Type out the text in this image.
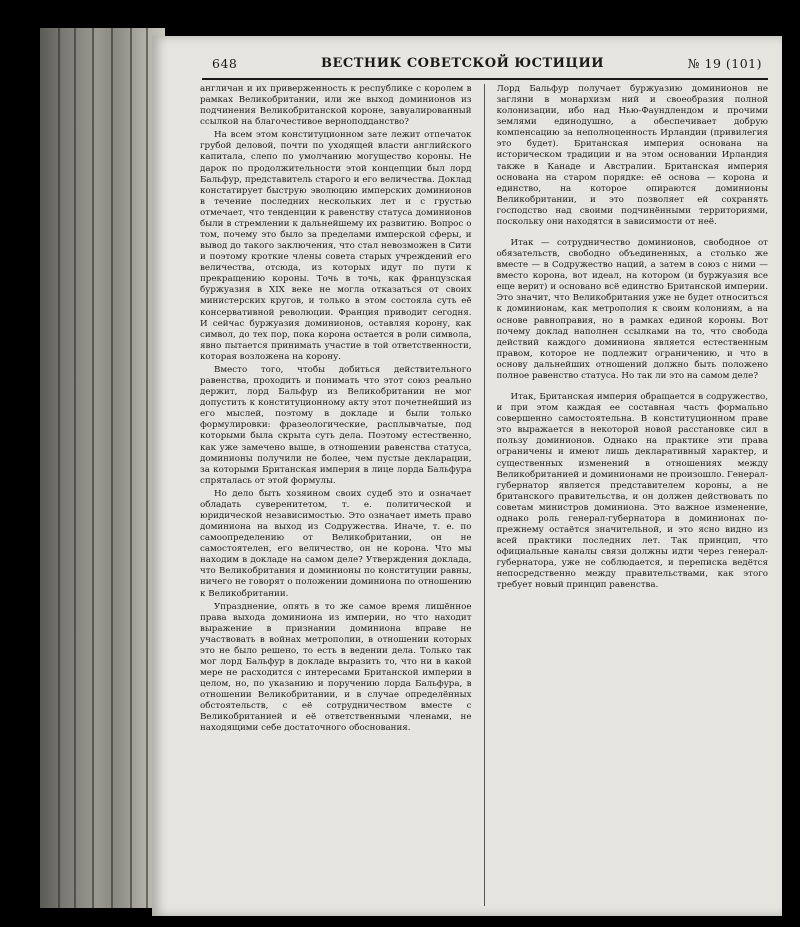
648	ВЕСТНИК СОВЕТСКОЙ ЮСТИЦИИ	№ 19 (101)

англичан и их приверженность к республике с королем в рамках Великобритании, или же выход доминионов из подчинения Великобританской короне, завуалированный ссылкой на благочестивое верноподданство?

На всем этом конституционном зате лежит отпечаток грубой деловой, почти по уходящей власти английского капитала, слепо по умолчанию могущество короны. Не дарок по продолжительности этой концепции был лорд Бальфур, представитель старого и его величества. Доклад констатирует быструю эволюцию имперских доминионов в течение последних нескольких лет и с грустью отмечает, что тенденции к равенству статуса доминионов были в стремлении к дальнейшему их развитию. Вопрос о том, почему это было за пределами имперской сферы, и вывод до такого заключения, что стал невозможен в Сити и поэтому кроткие члены совета старых учреждений его величества, отсюда, из которых идут по пути к прекращению короны. Точь в точь, как французская буржуазия в XIX веке не могла отказаться от своих министерских кругов, и только в этом состояла суть её консервативной революции. Франция приводит сегодня. И сейчас буржуазия доминионов, оставляя корону, как символ, до тех пор, пока корона остается в роли символа, явно пытается принимать участие в той ответственности, которая возложена на корону.

Вместо того, чтобы добиться действительного равенства, проходить и понимать что этот союз реально держит, лорд Бальфур из Великобритании не мог допустить к конституционному акту этот почетнейший из его мыслей, поэтому в докладе и были только формулировки: фразеологические, расплывчатые, под которыми была скрыта суть дела. Поэтому естественно, как уже замечено выше, в отношении равенства статуса, доминионы получили не более, чем пустые декларации, за которыми Британская империя в лице лорда Бальфура спряталась от этой формулы.

Но дело быть хозяином своих судеб это и означает обладать суверенитетом, т. е. политической и юридической независимостью. Это означает иметь право доминиона на выход из Содружества. Иначе, т. е. по самоопределению от Великобритании, он не самостоятелен, его величество, он не корона. Что мы находим в докладе на самом деле? Утверждения доклада, что Великобритания и доминионы по конституции равны, ничего не говорят о положении доминиона по отношению к Великобритании.

Упразднение, опять в то же самое время лишённое права выхода доминиона из империи, но что находит выражение в признании доминиона вправе не участвовать в войнах метрополии, в отношении которых это не было решено, то есть в ведении дела. Только так мог лорд Бальфур в докладе выразить то, что ни в какой мере не расходится с интересами Британской империи в целом, но, по указанию и поручению лорда Бальфура, в отношении Великобритании, и в случае определённых обстоятельств, с её сотрудничеством вместе с Великобританией и её ответственными членами, не находящими себе достаточного обоснования.

Лорд Бальфур получает буржуазию доминионов не загляни в монархизм ний и своеобразия полной колонизации, ибо над Нью-Фаундлендом и прочими землями единодушно, а обеспечивает добрую компенсацию за неполноценность Ирландии (привилегия это будет). Британская империя основана на историческом традиции и на этом основании Ирландия также в Канаде и Австралии. Британская империя основана на старом порядке: её основа — корона и единство, на которое опираются доминионы Великобритании, и это позволяет ей сохранять господство над своими подчинёнными территориями, поскольку они находятся в зависимости от неё.

Итак — сотрудничество доминионов, свободное от обязательств, свободно объединенных, а столько же вместе — в Содружество наций, а затем в союз с ними — вместо корона, вот идеал, на котором (и буржуазия все еще верит) и основано всё единство Британской империи. Это значит, что Великобритания уже не будет относиться к доминионам, как метрополия к своим колониям, а на основе равноправия, но в рамках единой короны. Вот почему доклад наполнен ссылками на то, что свобода действий каждого доминиона является естественным правом, которое не подлежит ограничению, и что в основу дальнейших отношений должно быть положено полное равенство статуса. Но так ли это на самом деле?

Итак, Британская империя обращается в содружество, и при этом каждая ее составная часть формально совершенно самостоятельна. В конституционном праве это выражается в некоторой новой расстановке сил в пользу доминионов. Однако на практике эти права ограничены и имеют лишь декларативный характер, и существенных изменений в отношениях между Великобританией и доминионами не произошло. Генерал-губернатор является представителем короны, а не британского правительства, и он должен действовать по советам министров доминиона. Это важное изменение, однако роль генерал-губернатора в доминионах по-прежнему остаётся значительной, и это ясно видно из всей практики последних лет. Так принцип, что официальные каналы связи должны идти через генерал-губернатора, уже не соблюдается, и переписка ведётся непосредственно между правительствами, как этого требует новый принцип равенства.
